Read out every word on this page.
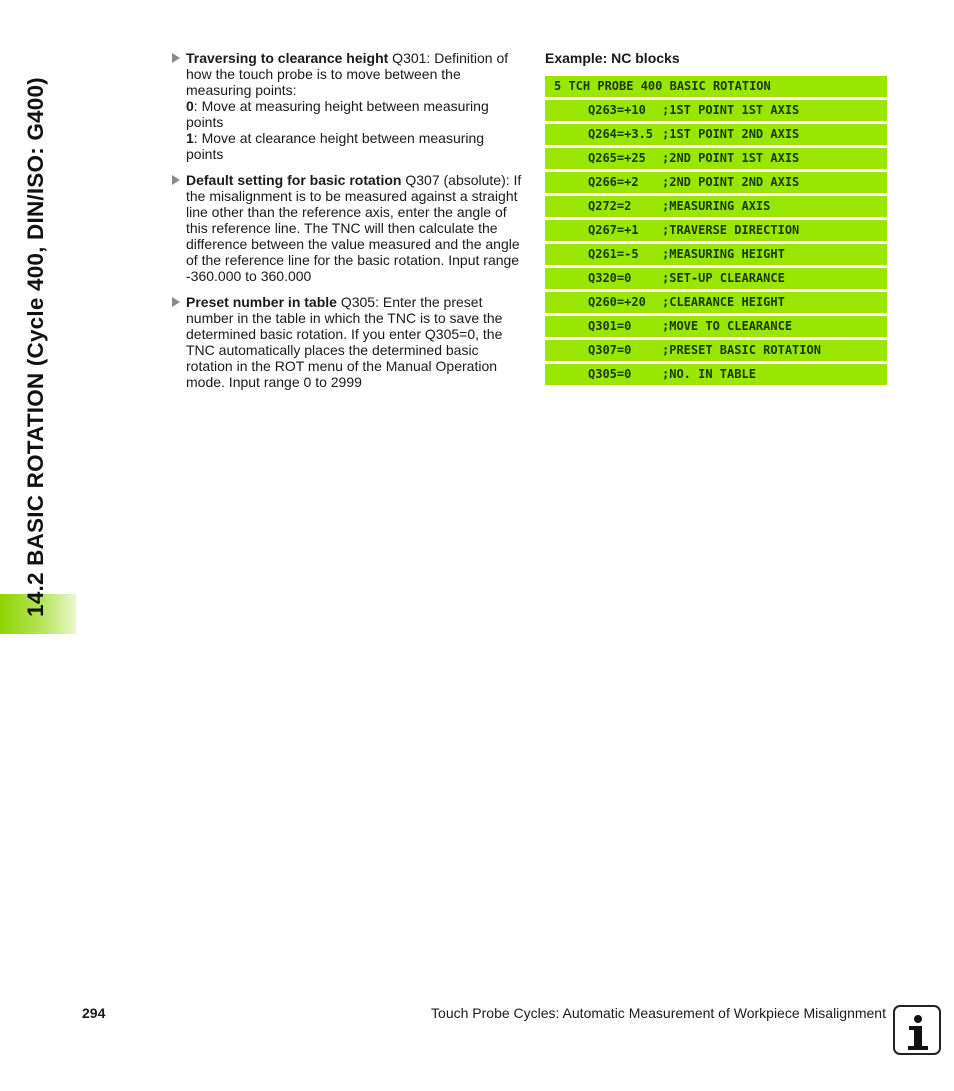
14.2 BASIC ROTATION (Cycle 400, DIN/ISO: G400)
Traversing to clearance height Q301: Definition of how the touch probe is to move between the measuring points:
0: Move at measuring height between measuring points
1: Move at clearance height between measuring points
Default setting for basic rotation Q307 (absolute): If the misalignment is to be measured against a straight line other than the reference axis, enter the angle of this reference line. The TNC will then calculate the difference between the value measured and the angle of the reference line for the basic rotation. Input range -360.000 to 360.000
Preset number in table Q305: Enter the preset number in the table in which the TNC is to save the determined basic rotation. If you enter Q305=0, the TNC automatically places the determined basic rotation in the ROT menu of the Manual Operation mode. Input range 0 to 2999
Example: NC blocks
5 TCH PROBE 400 BASIC ROTATION
Q263=+10 ;1ST POINT 1ST AXIS
Q264=+3.5 ;1ST POINT 2ND AXIS
Q265=+25 ;2ND POINT 1ST AXIS
Q266=+2 ;2ND POINT 2ND AXIS
Q272=2	;MEASURING AXIS
Q267=+1 ;TRAVERSE DIRECTION
Q261=-5 ;MEASURING HEIGHT
Q320=0	;SET-UP CLEARANCE
Q260=+20 ;CLEARANCE HEIGHT
Q301=0	;MOVE TO CLEARANCE
Q307=0	;PRESET BASIC ROTATION
Q305=0	;NO. IN TABLE
294	Touch Probe Cycles: Automatic Measurement of Workpiece Misalignment
